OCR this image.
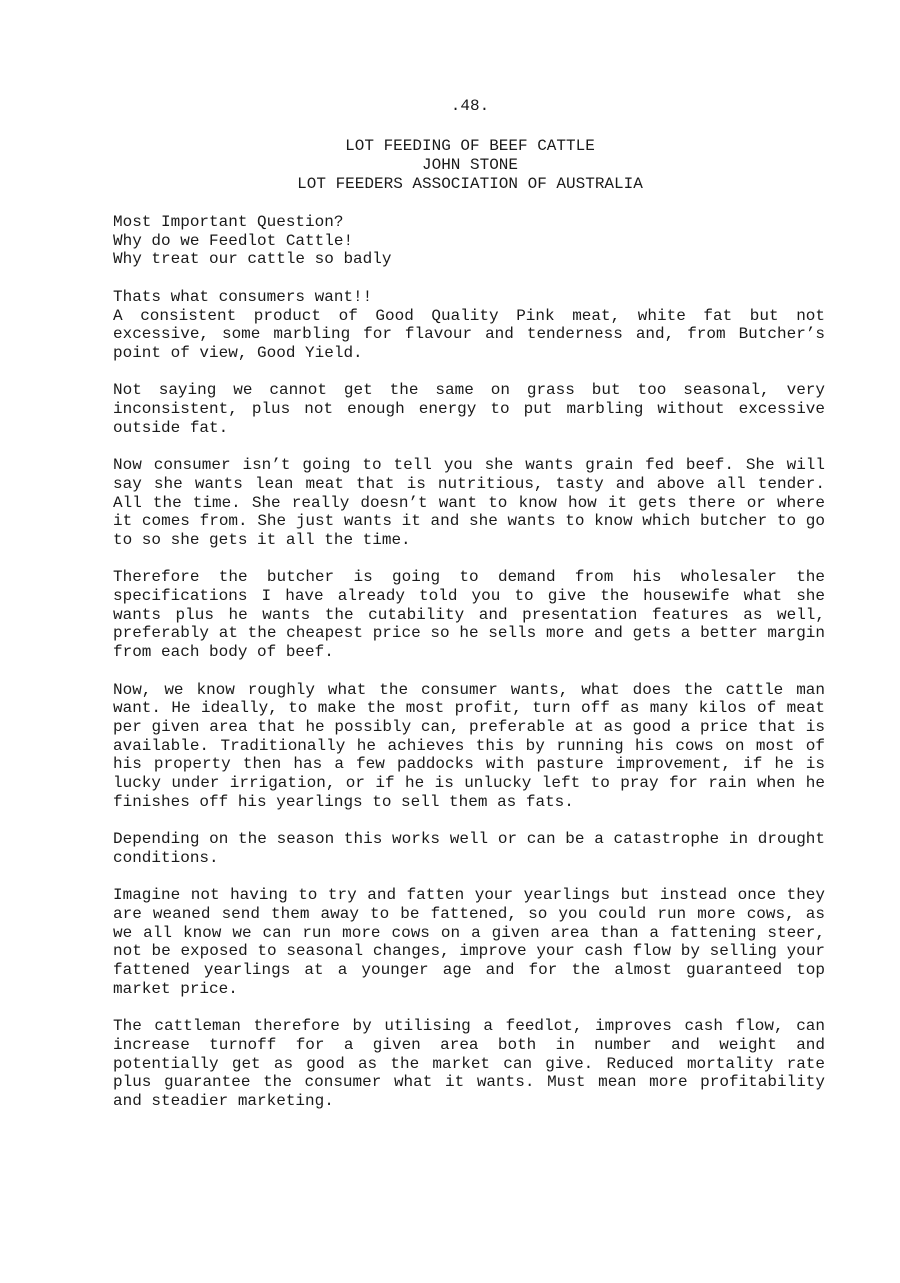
.48.
LOT FEEDING OF BEEF CATTLE
JOHN STONE
LOT FEEDERS ASSOCIATION OF AUSTRALIA

Most Important Question?
Why do we Feedlot Cattle!
Why treat our cattle so badly

Thats what consumers want!!
A consistent product of Good Quality Pink meat, white fat but not excessive, some marbling for flavour and tenderness and, from Butcher’s point of view, Good Yield.

Not saying we cannot get the same on grass but too seasonal, very inconsistent, plus not enough energy to put marbling without excessive outside fat.

Now consumer isn’t going to tell you she wants grain fed beef. She will say she wants lean meat that is nutritious, tasty and above all tender. All the time. She really doesn’t want to know how it gets there or where it comes from. She just wants it and she wants to know which butcher to go to so she gets it all the time.

Therefore the butcher is going to demand from his wholesaler the specifications I have already told you to give the housewife what she wants plus he wants the cutability and presentation features as well, preferably at the cheapest price so he sells more and gets a better margin from each body of beef.

Now, we know roughly what the consumer wants, what does the cattle man want. He ideally, to make the most profit, turn off as many kilos of meat per given area that he possibly can, preferable at as good a price that is available. Traditionally he achieves this by running his cows on most of his property then has a few paddocks with pasture improvement, if he is lucky under irrigation, or if he is unlucky left to pray for rain when he finishes off his yearlings to sell them as fats.

Depending on the season this works well or can be a catastrophe in drought conditions.

Imagine not having to try and fatten your yearlings but instead once they are weaned send them away to be fattened, so you could run more cows, as we all know we can run more cows on a given area than a fattening steer, not be exposed to seasonal changes, improve your cash flow by selling your fattened yearlings at a younger age and for the almost guaranteed top market price.

The cattleman therefore by utilising a feedlot, improves cash flow, can increase turnoff for a given area both in number and weight and potentially get as good as the market can give. Reduced mortality rate plus guarantee the consumer what it wants. Must mean more profitability and steadier marketing.
